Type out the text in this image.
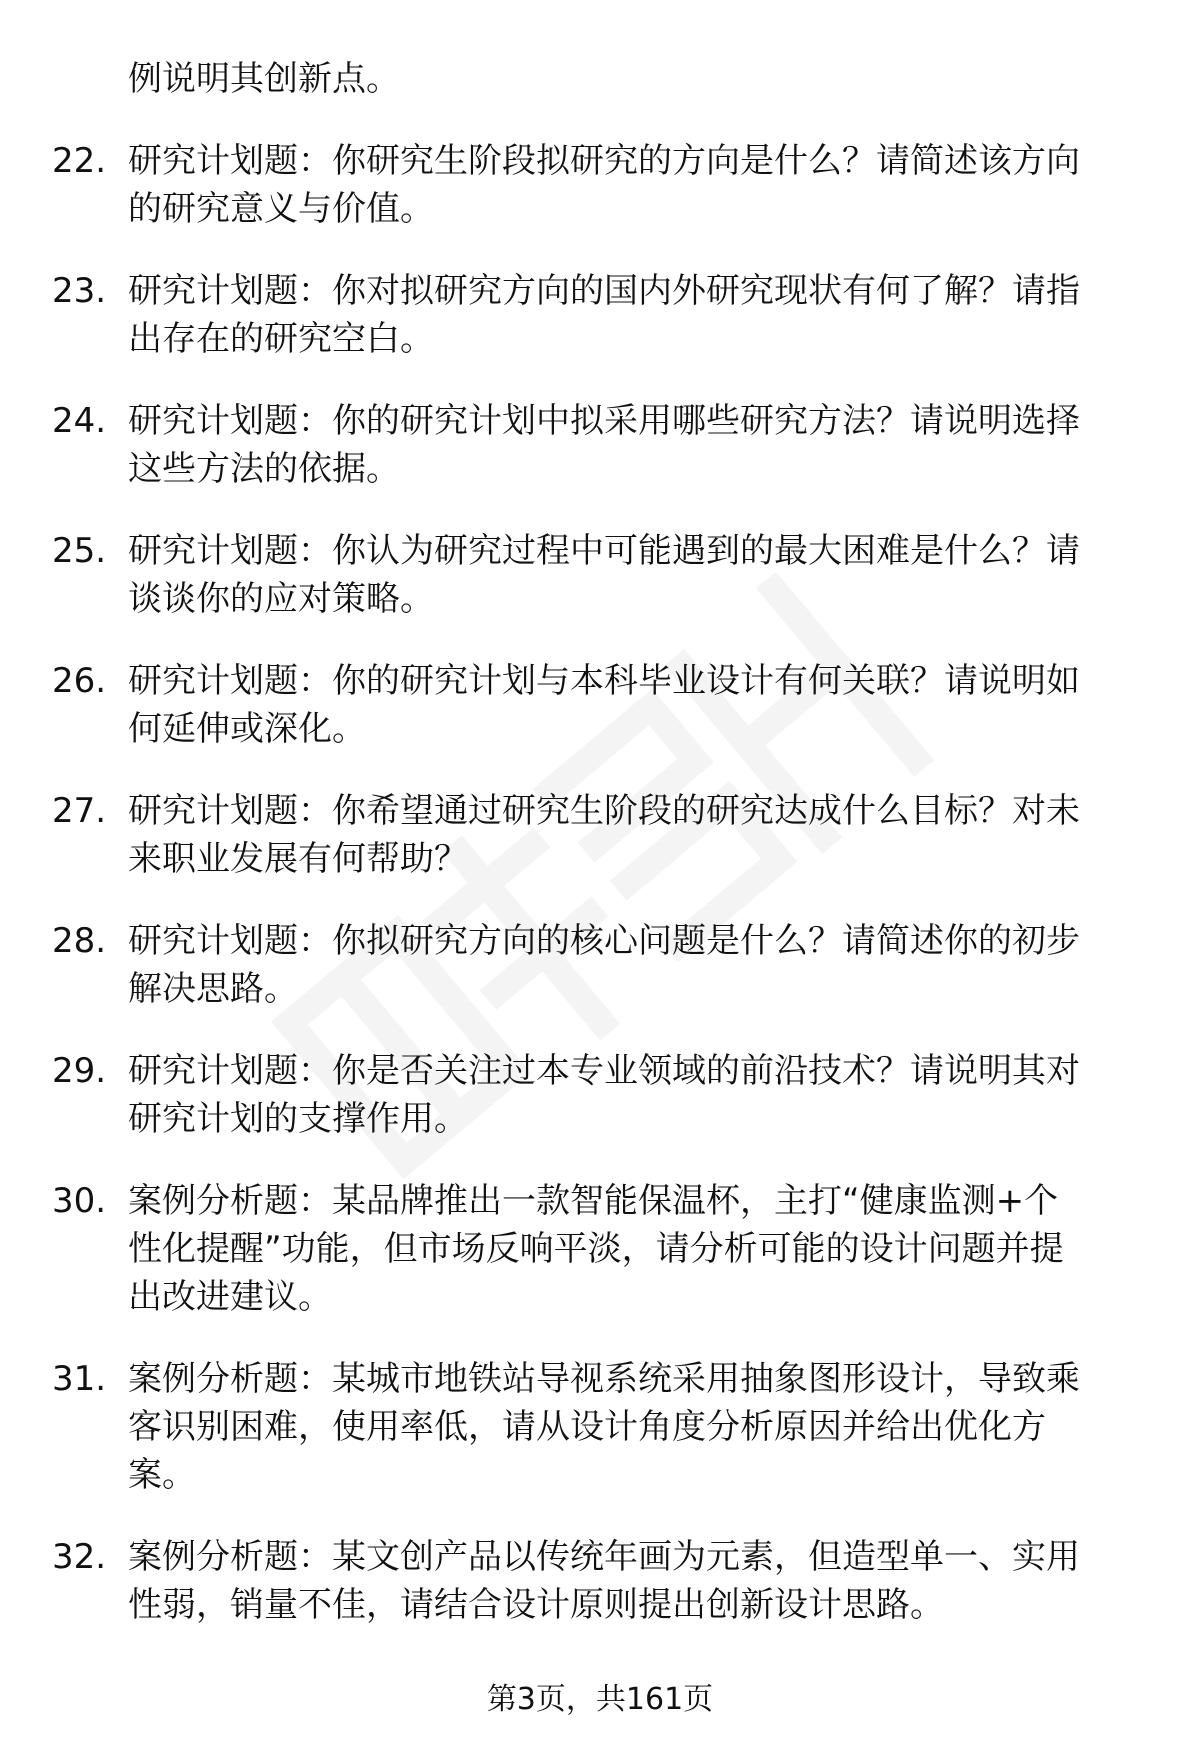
例说明其创新点。
22. 研究计划题：你研究生阶段拟研究的方向是什么？请简述该方向
的研究意义与价值。
23. 研究计划题：你对拟研究方向的国内外研究现状有何了解？请指
出存在的研究空白。
24. 研究计划题：你的研究计划中拟采用哪些研究方法？请说明选择
这些方法的依据。
25. 研究计划题：你认为研究过程中可能遇到的最大困难是什么？请
谈谈你的应对策略。
26. 研究计划题：你的研究计划与本科毕业设计有何关联？请说明如
何延伸或深化。
27. 研究计划题：你希望通过研究生阶段的研究达成什么目标？对未
来职业发展有何帮助？
28. 研究计划题：你拟研究方向的核心问题是什么？请简述你的初步
解决思路。
29. 研究计划题：你是否关注过本专业领域的前沿技术？请说明其对
研究计划的支撑作用。
30. 案例分析题：某品牌推出一款智能保温杯，主打“健康监测+个
性化提醒”功能，但市场反响平淡，请分析可能的设计问题并提
出改进建议。
31. 案例分析题：某城市地铁站导视系统采用抽象图形设计，导致乘
客识别困难，使用率低，请从设计角度分析原因并给出优化方
案。
32. 案例分析题：某文创产品以传统年画为元素，但造型单一、实用
性弱，销量不佳，请结合设计原则提出创新设计思路。
第3页，共161页
